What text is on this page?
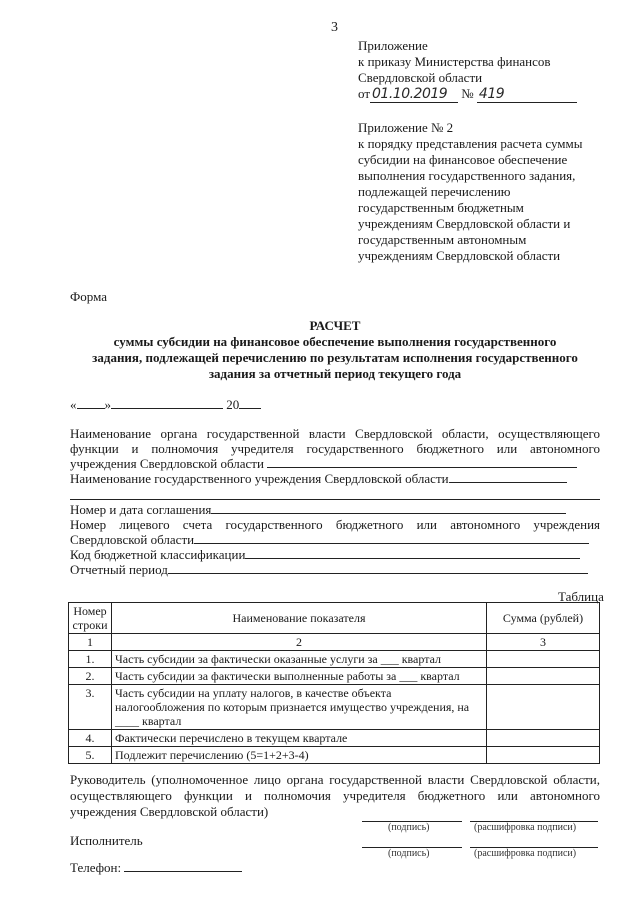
3
Приложение
к приказу Министерства финансов
Свердловской области
от 01.10.2019 № 419
Приложение № 2
к порядку представления расчета суммы
субсидии на финансовое обеспечение
выполнения государственного задания,
подлежащей перечислению
государственным бюджетным
учреждениям Свердловской области и
государственным автономным
учреждениям Свердловской области
Форма
РАСЧЕТ
суммы субсидии на финансовое обеспечение выполнения государственного
задания, подлежащей перечислению по результатам исполнения государственного
задания за отчетный период текущего года
« »	20

Наименование органа государственной власти Свердловской области, осуществляющего функции и полномочия учредителя государственного бюджетного или автономного учреждения Свердловской области

Наименование государственного учреждения Свердловской области

Номер и дата соглашения

Номер лицевого счета государственного бюджетного или автономного учреждения Свердловской области

Код бюджетной классификации

Отчетный период

Таблица
Номер строки	Наименование показателя	Сумма (рублей)
1	2	3
1.	Часть субсидии за фактически оказанные услуги за ___ квартал	
2.	Часть субсидии за фактически выполненные работы за ___ квартал	
3.	Часть субсидии на уплату налогов, в качестве объекта налогообложения по которым признается имущество учреждения, на ____ квартал	
4.	Фактически перечислено в текущем квартале	
5.	Подлежит перечислению (5=1+2+3-4)	

Руководитель (уполномоченное лицо органа государственной власти Свердловской области, осуществляющего функции и полномочия учредителя бюджетного или автономного учреждения Свердловской области)

(подпись)	(расшифровка подписи)
Исполнитель
(подпись)	(расшифровка подписи)
Телефон:
